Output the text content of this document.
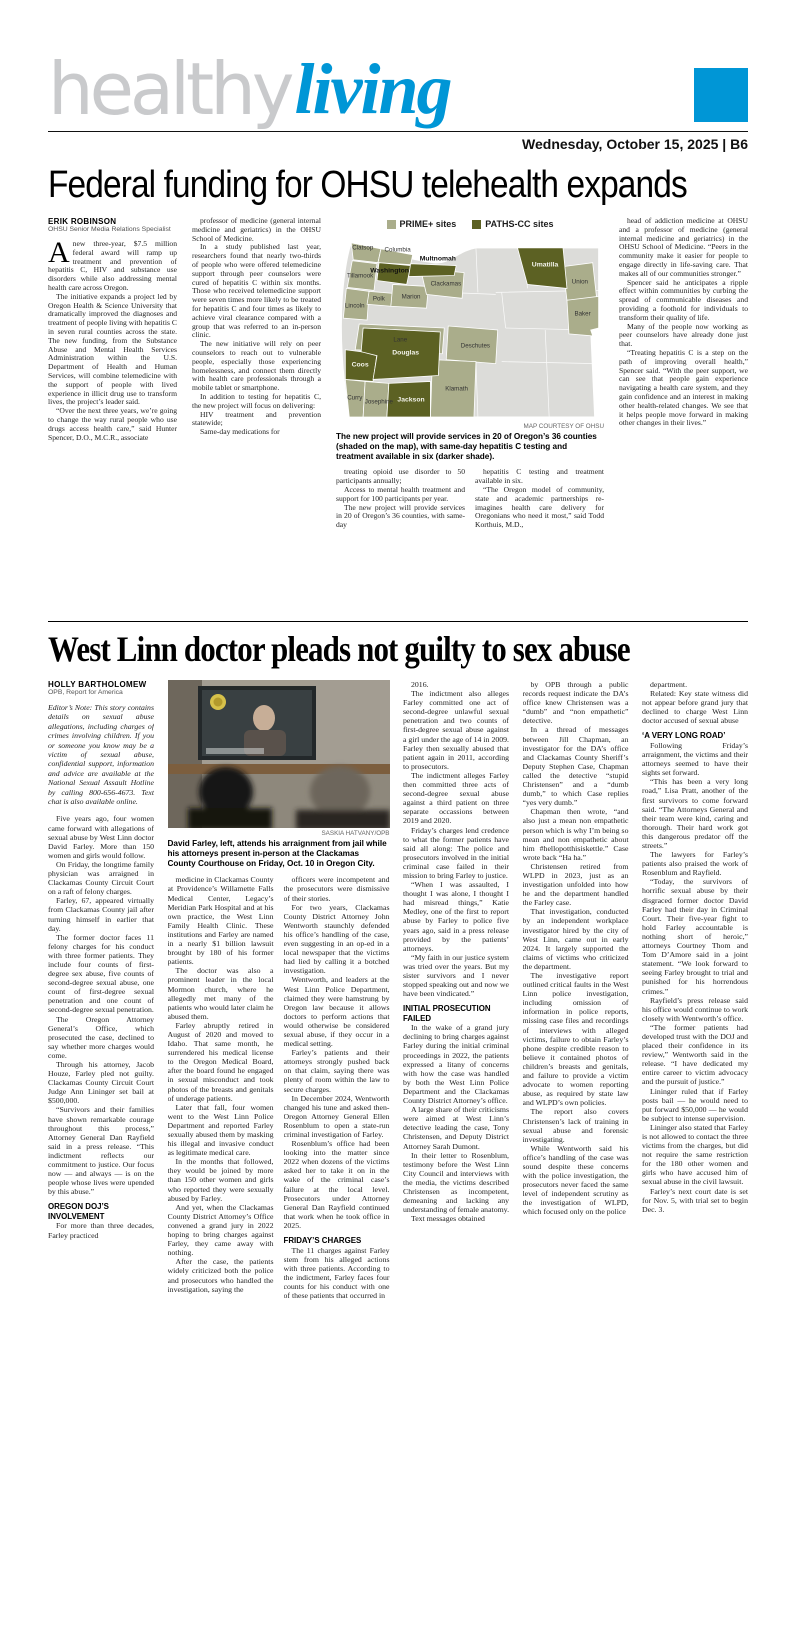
healthy living
Wednesday, October 15, 2025 | B6
Federal funding for OHSU telehealth expands
ERIK ROBINSON
OHSU Senior Media Relations Specialist

Anew three-year, $7.5 million federal award will ramp up treatment and prevention of hepatitis C, HIV and substance use disorders while also addressing mental health care across Oregon.

The initiative expands a project led by Oregon Health & Science University that dramatically improved the diagnoses and treatment of people living with hepatitis C in seven rural counties across the state. The new funding, from the Substance Abuse and Mental Health Services Administration within the U.S. Department of Health and Human Services, will combine telemedicine with the support of people with lived experience in illicit drug use to transform lives, the project’s leader said.

“Over the next three years, we’re going to change the way rural people who use drugs access health care,” said Hunter Spencer, D.O., M.C.R., associate

professor of medicine (general internal medicine and geriatrics) in the OHSU School of Medicine.

In a study published last year, researchers found that nearly two-thirds of people who were offered telemedicine support through peer counselors were cured of hepatitis C within six months. Those who received telemedicine support were seven times more likely to be treated for hepatitis C and four times as likely to achieve viral clearance compared with a group that was referred to an in-person clinic.

The new initiative will rely on peer counselors to reach out to vulnerable people, especially those experiencing homelessness, and connect them directly with health care professionals through a mobile tablet or smartphone.

In addition to testing for hepatitis C, the new project will focus on delivering:

HIV treatment and prevention statewide;

Same-day medications for

PRIME+ sites	PATHS-CC sites
Clatsop Columbia
Washington
Multnomah
Tillamook
Umatilla
Union
Baker
Polk	Marion
Clackamas
Lincoln
Lane
Deschutes
Coos
Douglas
Curry
Josephine Jackson
Klamath
MAP COURTESY OF OHSU
The new project will provide services in 20 of Oregon’s 36 counties (shaded on the map), with same-day hepatitis C testing and treatment available in six (darker shade).

treating opioid use disorder to 50 participants annually;

Access to mental health treatment and support for 100 participants per year.

The new project will provide services in 20 of Oregon’s 36 counties, with same-day

hepatitis C testing and treatment available in six.

“The Oregon model of community, state and academic partnerships re-imagines health care delivery for Oregonians who need it most,” said Todd Korthuis, M.D.,

head of addiction medicine at OHSU and a professor of medicine (general internal medicine and geriatrics) in the OHSU School of Medicine. “Peers in the community make it easier for people to engage directly in life-saving care. That makes all of our communities stronger.”

Spencer said he anticipates a ripple effect within communities by curbing the spread of communicable diseases and providing a foothold for individuals to transform their quality of life.

Many of the people now working as peer counselors have already done just that.

“Treating hepatitis C is a step on the path of improving overall health,” Spencer said. “With the peer support, we can see that people gain experience navigating a health care system, and they gain confidence and an interest in making other health-related changes. We see that it helps people move forward in making other changes in their lives.”

West Linn doctor pleads not guilty to sex abuse
HOLLY BARTHOLOMEW
OPB, Report for America

Editor’s Note: This story contains details on sexual abuse allegations, including charges of crimes involving children. If you or someone you know may be a victim of sexual abuse, confidential support, information and advice are available at the National Sexual Assault Hotline by calling 800-656-4673. Text chat is also available online.

Five years ago, four women came forward with allegations of sexual abuse by West Linn doctor David Farley. More than 150 women and girls would follow.

On Friday, the longtime family physician was arraigned in Clackamas County Circuit Court on a raft of felony charges.

Farley, 67, appeared virtually from Clackamas County jail after turning himself in earlier that day.

The former doctor faces 11 felony charges for his conduct with three former patients. They include four counts of first-degree sex abuse, five counts of second-degree sexual abuse, one count of first-degree sexual penetration and one count of second-degree sexual penetration.

The Oregon Attorney General’s Office, which prosecuted the case, declined to say whether more charges would come.

Through his attorney, Jacob Houze, Farley pled not guilty. Clackamas County Circuit Court Judge Ann Lininger set bail at $500,000.

“Survivors and their families have shown remarkable courage throughout this process,” Attorney General Dan Rayfield said in a press release. “This indictment reflects our commitment to justice. Our focus now — and always — is on the people whose lives were upended by this abuse.”

OREGON DOJ’S INVOLVEMENT

For more than three decades, Farley practiced

SASKIA HATVANY/OPB
David Farley, left, attends his arraignment from jail while his attorneys present in-person at the Clackamas County Courthouse on Friday, Oct. 10 in Oregon City.

medicine in Clackamas County at Providence’s Willamette Falls Medical Center, Legacy’s Meridian Park Hospital and at his own practice, the West Linn Family Health Clinic. These institutions and Farley are named in a nearly $1 billion lawsuit brought by 180 of his former patients.

The doctor was also a prominent leader in the local Mormon church, where he allegedly met many of the patients who would later claim he abused them.

Farley abruptly retired in August of 2020 and moved to Idaho. That same month, he surrendered his medical license to the Oregon Medical Board, after the board found he engaged in sexual misconduct and took photos of the breasts and genitals of underage patients.

Later that fall, four women went to the West Linn Police Department and reported Farley sexually abused them by masking his illegal and invasive conduct as legitimate medical care.

In the months that followed, they would be joined by more than 150 other women and girls who reported they were sexually abused by Farley.

And yet, when the Clackamas County District Attorney’s Office convened a grand jury in 2022 hoping to bring charges against Farley, they came away with nothing.

After the case, the patients widely criticized both the police and prosecutors who handled the investigation, saying the

officers were incompetent and the prosecutors were dismissive of their stories.

For two years, Clackamas County District Attorney John Wentworth staunchly defended his office’s handling of the case, even suggesting in an op-ed in a local newspaper that the victims had lied by calling it a botched investigation.

Wentworth, and leaders at the West Linn Police Department, claimed they were hamstrung by Oregon law because it allows doctors to perform actions that would otherwise be considered sexual abuse, if they occur in a medical setting.

Farley’s patients and their attorneys strongly pushed back on that claim, saying there was plenty of room within the law to secure charges.

In December 2024, Wentworth changed his tune and asked then-Oregon Attorney General Ellen Rosenblum to open a state-run criminal investigation of Farley.

Rosenblum’s office had been looking into the matter since 2022 when dozens of the victims asked her to take it on in the wake of the criminal case’s failure at the local level. Prosecutors under Attorney General Dan Rayfield continued that work when he took office in 2025.

FRIDAY’S CHARGES

The 11 charges against Farley stem from his alleged actions with three patients. According to the indictment, Farley faces four counts for his conduct with one of these patients that occurred in

2016.

The indictment also alleges Farley committed one act of second-degree unlawful sexual penetration and two counts of first-degree sexual abuse against a girl under the age of 14 in 2009. Farley then sexually abused that patient again in 2011, according to prosecutors.

The indictment alleges Farley then committed three acts of second-degree sexual abuse against a third patient on three separate occassions between 2019 and 2020.

Friday’s charges lend credence to what the former patients have said all along: The police and prosecutors involved in the initial criminal case failed in their mission to bring Farley to justice.

“When I was assaulted, I thought I was alone, I thought I had misread things,” Katie Medley, one of the first to report abuse by Farley to police five years ago, said in a press release provided by the patients’ attorneys.

“My faith in our justice system was tried over the years. But my sister survivors and I never stopped speaking out and now we have been vindicated.”

INITIAL PROSECUTION FAILED

In the wake of a grand jury declining to bring charges against Farley during the initial criminal proceedings in 2022, the patients expressed a litany of concerns with how the case was handled by both the West Linn Police Department and the Clackamas County District Attorney’s office.

A large share of their criticisms were aimed at West Linn’s detective leading the case, Tony Christensen, and Deputy District Attorney Sarah Dumont.

In their letter to Rosenblum, testimony before the West Linn City Council and interviews with the media, the victims described Christensen as incompetent, demeaning and lacking any understanding of female anatomy.

Text messages obtained

by OPB through a public records request indicate the DA’s office knew Christensen was a “dumb” and “non empathetic” detective.

In a thread of messages between Jill Chapman, an investigator for the DA’s office and Clackamas County Sheriff’s Deputy Stephen Case, Chapman called the detective “stupid Christensen” and a “dumb dumb,” to which Case replies “yes very dumb.”

Chapman then wrote, “and also just a mean non empathetic person which is why I’m being so mean and non empathetic about him #hellopotthisiskettle.” Case wrote back “Ha ha.”

Christensen retired from WLPD in 2023, just as an investigation unfolded into how he and the department handled the Farley case.

That investigation, conducted by an independent workplace investigator hired by the city of West Linn, came out in early 2024. It largely supported the claims of victims who criticized the department.

The investigative report outlined critical faults in the West Linn police investigation, including omission of information in police reports, missing case files and recordings of interviews with alleged victims, failure to obtain Farley’s phone despite credible reason to believe it contained photos of children’s breasts and genitals, and failure to provide a victim advocate to women reporting abuse, as required by state law and WLPD’s own policies.

The report also covers Christensen’s lack of training in sexual abuse and forensic investigating.

While Wentworth said his office’s handling of the case was sound despite these concerns with the police investigation, the prosecutors never faced the same level of independent scrutiny as the investigation of WLPD, which focused only on the police

department.

Related: Key state witness did not appear before grand jury that declined to charge West Linn doctor accused of sexual abuse

‘A VERY LONG ROAD’

Following Friday’s arraignment, the victims and their attorneys seemed to have their sights set forward.

“This has been a very long road,” Lisa Pratt, another of the first survivors to come forward said. “The Attorneys General and their team were kind, caring and thorough. Their hard work got this dangerous predator off the streets.”

The lawyers for Farley’s patients also praised the work of Rosenblum and Rayfield.

“Today, the survivors of horrific sexual abuse by their disgraced former doctor David Farley had their day in Criminal Court. Their five-year fight to hold Farley accountable is nothing short of heroic,” attorneys Courtney Thom and Tom D’Amore said in a joint statement. “We look forward to seeing Farley brought to trial and punished for his horrendous crimes.”

Rayfield’s press release said his office would continue to work closely with Wentworth’s office.

“The former patients had developed trust with the DOJ and placed their confidence in its review,” Wentworth said in the release. “I have dedicated my entire career to victim advocacy and the pursuit of justice.”

Lininger ruled that if Farley posts bail — he would need to put forward $50,000 — he would be subject to intense supervision.

Lininger also stated that Farley is not allowed to contact the three victims from the charges, but did not require the same restriction for the 180 other women and girls who have accused him of sexual abuse in the civil lawsuit.

Farley’s next court date is set for Nov. 5, with trial set to begin Dec. 3.
